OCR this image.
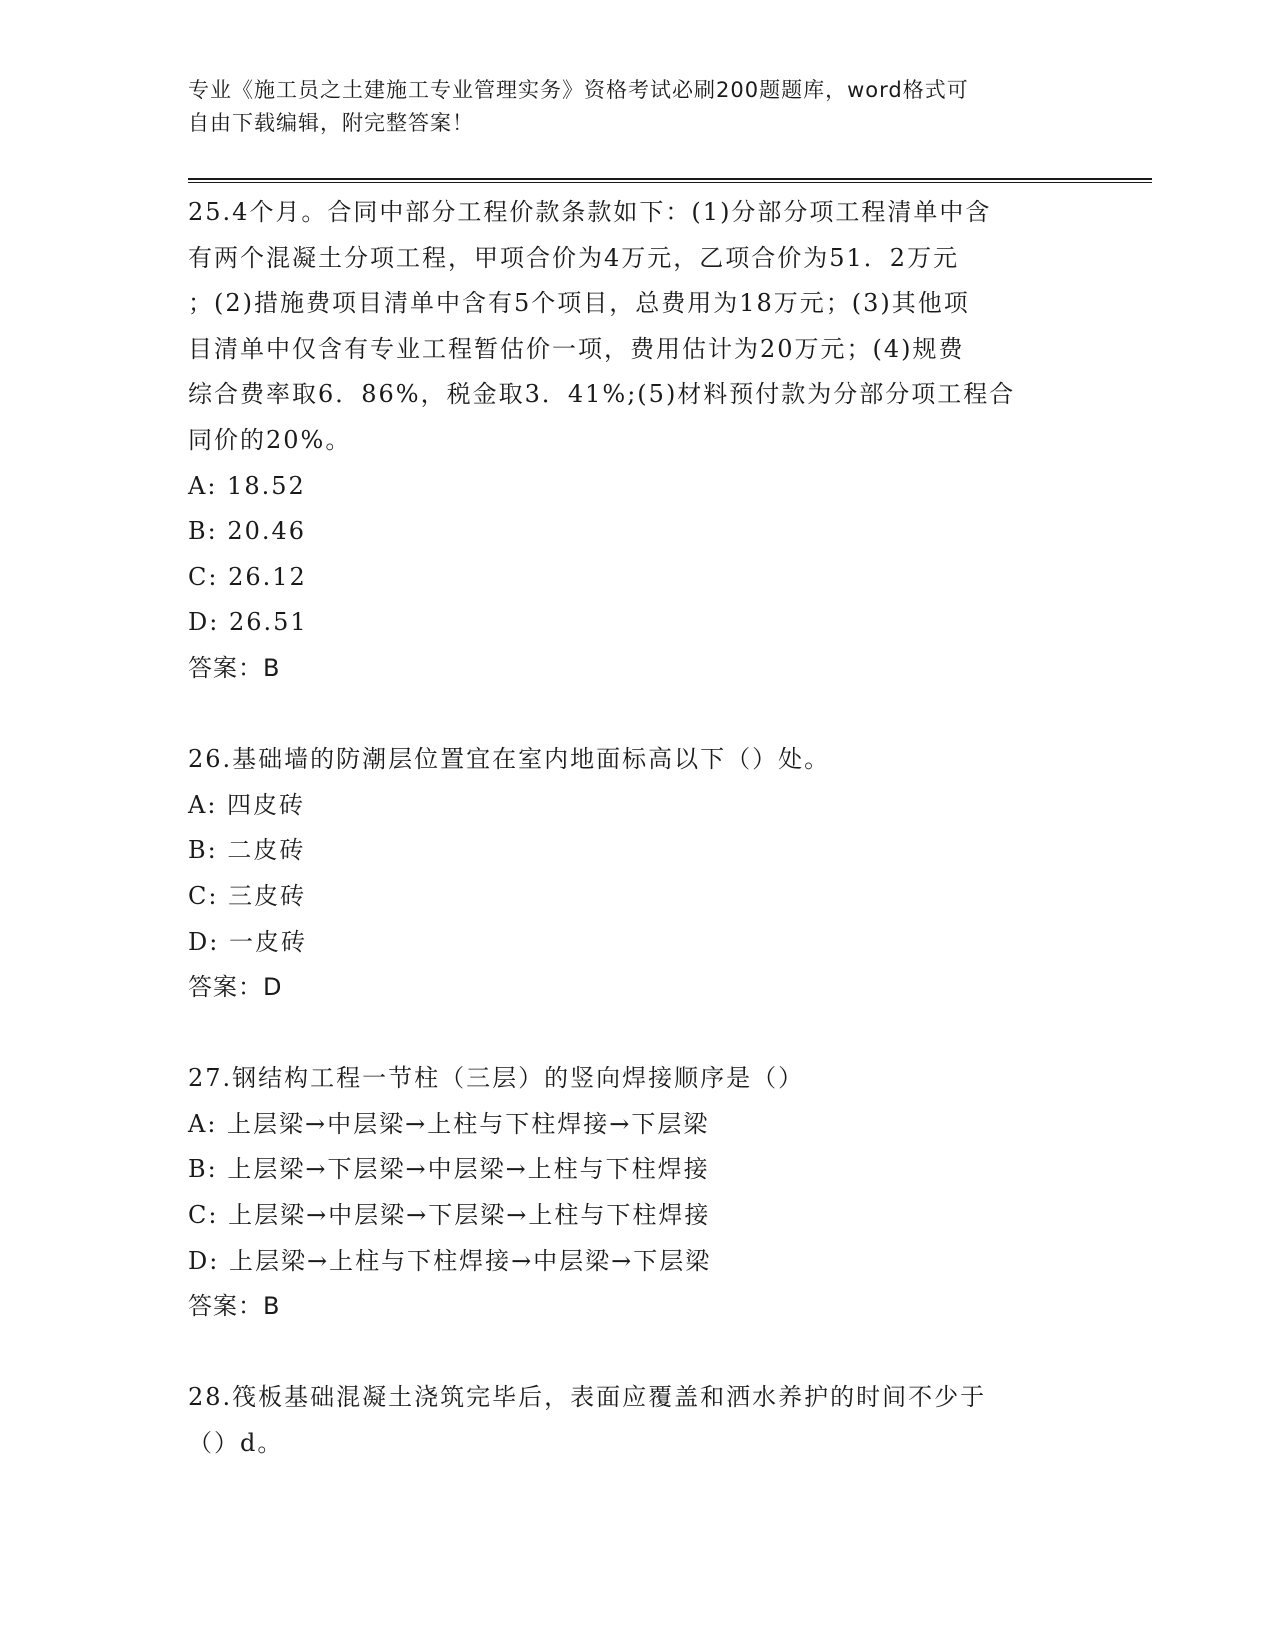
专业《施工员之土建施工专业管理实务》资格考试必刷200题题库，word格式可
自由下载编辑，附完整答案！
25.4个月。合同中部分工程价款条款如下：(1)分部分项工程清单中含
有两个混凝土分项工程，甲项合价为4万元，乙项合价为51．2万元
；(2)措施费项目清单中含有5个项目，总费用为18万元；(3)其他项
目清单中仅含有专业工程暂估价一项，费用估计为20万元；(4)规费
综合费率取6．86%，税金取3．41%;(5)材料预付款为分部分项工程合
同价的20%。
A: 18.52
B: 20.46
C: 26.12
D: 26.51
答案：B
26.基础墙的防潮层位置宜在室内地面标高以下（）处。
A: 四皮砖
B: 二皮砖
C: 三皮砖
D: 一皮砖
答案：D
27.钢结构工程一节柱（三层）的竖向焊接顺序是（）
A: 上层梁→中层梁→上柱与下柱焊接→下层梁
B: 上层梁→下层梁→中层梁→上柱与下柱焊接
C: 上层梁→中层梁→下层梁→上柱与下柱焊接
D: 上层梁→上柱与下柱焊接→中层梁→下层梁
答案：B
28.筏板基础混凝土浇筑完毕后，表面应覆盖和洒水养护的时间不少于
（）d。
